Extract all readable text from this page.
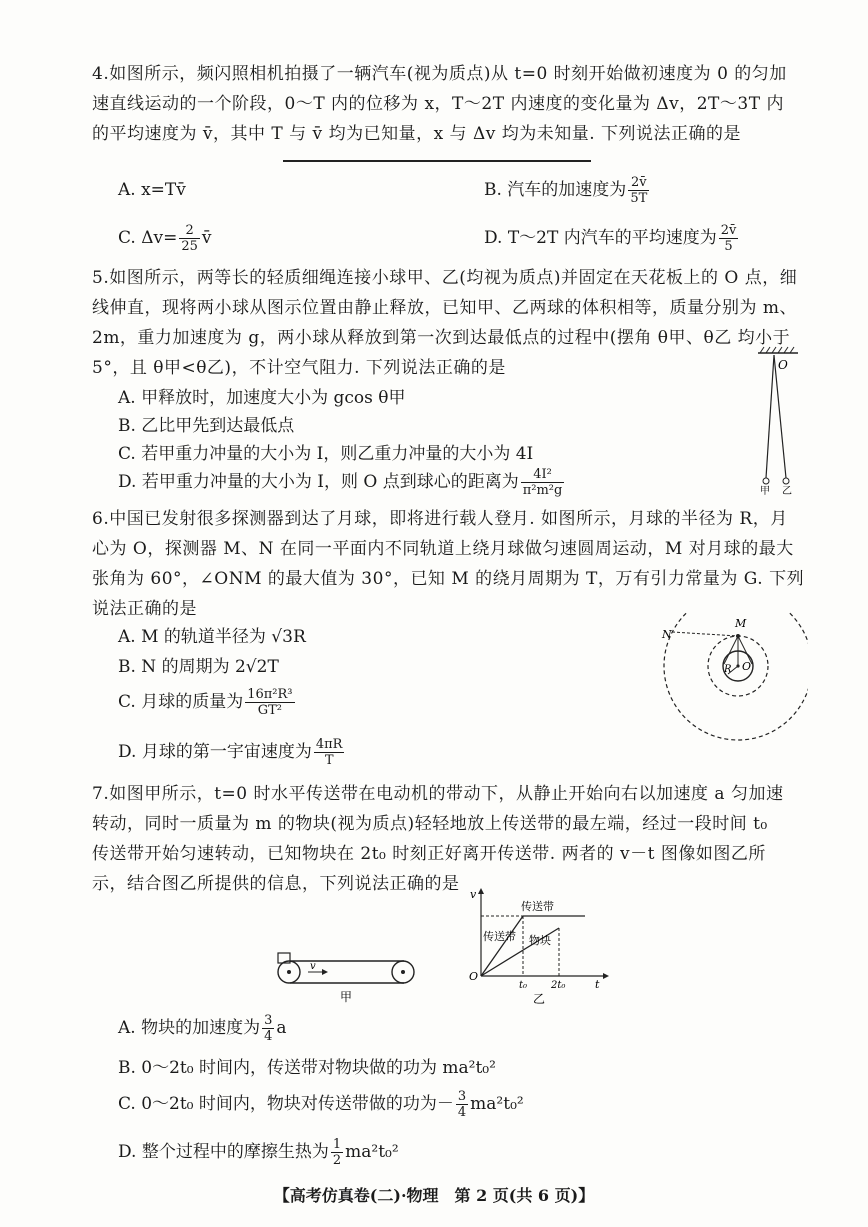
4.如图所示，频闪照相机拍摄了一辆汽车(视为质点)从 t=0 时刻开始做初速度为 0 的匀加
速直线运动的一个阶段，0～T 内的位移为 x，T～2T 内速度的变化量为 Δv，2T～3T 内
的平均速度为 v̄，其中 T 与 v̄ 均为已知量，x 与 Δv 均为未知量. 下列说法正确的是
A. x=Tv̄	B. 汽车的加速度为 $\frac{2v̄}{5T}$
C. $\Delta v= \frac{2}{25}$ v̄	D. T～2T 内汽车的平均速度为 $\frac{2v̄}{5}$
5.如图所示，两等长的轻质细绳连接小球甲、乙(均视为质点)并固定在天花板上的 O 点，细
线伸直，现将两小球从图示位置由静止释放，已知甲、乙两球的体积相等，质量分别为 m、
2m，重力加速度为 g，两小球从释放到第一次到达最低点的过程中(摆角 θ甲、θ乙 均小于
5°，且 θ甲<θ乙)，不计空气阻力. 下列说法正确的是
A. 甲释放时，加速度大小为 gcos θ甲
B. 乙比甲先到达最低点
C. 若甲重力冲量的大小为 I，则乙重力冲量的大小为 4I
D. 若甲重力冲量的大小为 I，则 O 点到球心的距离为 $\frac{\text{4I²}}{\text{π²m²g}}$
O
甲 乙
6.中国已发射很多探测器到达了月球，即将进行载人登月. 如图所示，月球的半径为 R，月
心为 O，探测器 M、N 在同一平面内不同轨道上绕月球做匀速圆周运动，M 对月球的最大
张角为 60°，∠ONM 的最大值为 30°，已知 M 的绕月周期为 T，万有引力常量为 G. 下列
说法正确的是
A. M 的轨道半径为 √3R
B. N 的周期为 2√2T
C. 月球的质量为 $\frac{\text{16π²R³}}{\text{GT²}}$
D. 月球的第一宇宙速度为 $\frac{4\pi R}{T}$
N
M
O
R
7.如图甲所示，t=0 时水平传送带在电动机的带动下，从静止开始向右以加速度 a 匀加速
转动，同时一质量为 m 的物块(视为质点)轻轻地放上传送带的最左端，经过一段时间 t₀
传送带开始匀速转动，已知物块在 2t₀ 时刻正好离开传送带. 两者的 v－t 图像如图乙所
示，结合图乙所提供的信息，下列说法正确的是
v
甲
v
传送带
传送带 物块
O
t₀ 2t₀	t
乙
A. 物块的加速度为 $\frac{3}{4}$ a
B. 0～2t₀ 时间内，传送带对物块做的功为 ma²t₀²
C. 0～2t₀ 时间内，物块对传送带做的功为－ $\frac{3}{4} ma^2t_0^2$
D. 整个过程中的摩擦生热为 $\frac{1}{2} ma^2t_0^2$
【高考仿真卷(二)·物理　第 2 页(共 6 页)】
